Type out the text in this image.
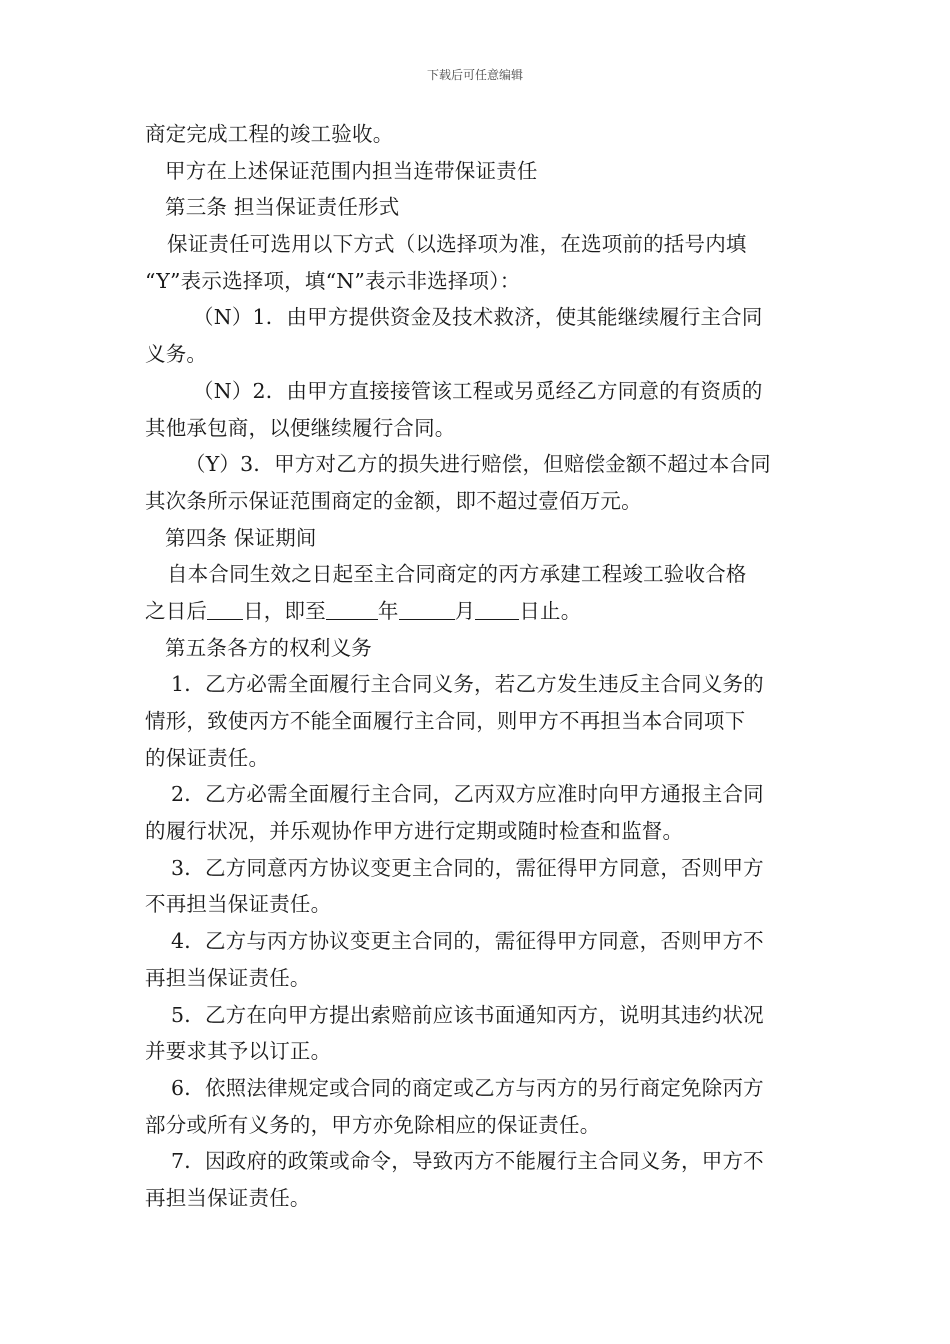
下载后可任意编辑
商定完成工程的竣工验收。
甲方在上述保证范围内担当连带保证责任
第三条 担当保证责任形式
保证责任可选用以下方式（以选择项为准，在选项前的括号内填
“Y”表示选择项，填“N”表示非选择项）：
（N）1．由甲方提供资金及技术救济，使其能继续履行主合同
义务。
（N）2．由甲方直接接管该工程或另觅经乙方同意的有资质的
其他承包商，以便继续履行合同。
（Y）3．甲方对乙方的损失进行赔偿，但赔偿金额不超过本合同
其次条所示保证范围商定的金额，即不超过壹佰万元。
第四条 保证期间
自本合同生效之日起至主合同商定的丙方承建工程竣工验收合格
之日后 日，即至	年	月 日止。
第五条各方的权利义务
1．乙方必需全面履行主合同义务，若乙方发生违反主合同义务的
情形，致使丙方不能全面履行主合同，则甲方不再担当本合同项下
的保证责任。
2．乙方必需全面履行主合同，乙丙双方应准时向甲方通报主合同
的履行状况，并乐观协作甲方进行定期或随时检查和监督。
3．乙方同意丙方协议变更主合同的，需征得甲方同意，否则甲方
不再担当保证责任。
4．乙方与丙方协议变更主合同的，需征得甲方同意，否则甲方不
再担当保证责任。
5．乙方在向甲方提出索赔前应该书面通知丙方，说明其违约状况
并要求其予以订正。
6．依照法律规定或合同的商定或乙方与丙方的另行商定免除丙方
部分或所有义务的，甲方亦免除相应的保证责任。
7．因政府的政策或命令，导致丙方不能履行主合同义务，甲方不
再担当保证责任。
